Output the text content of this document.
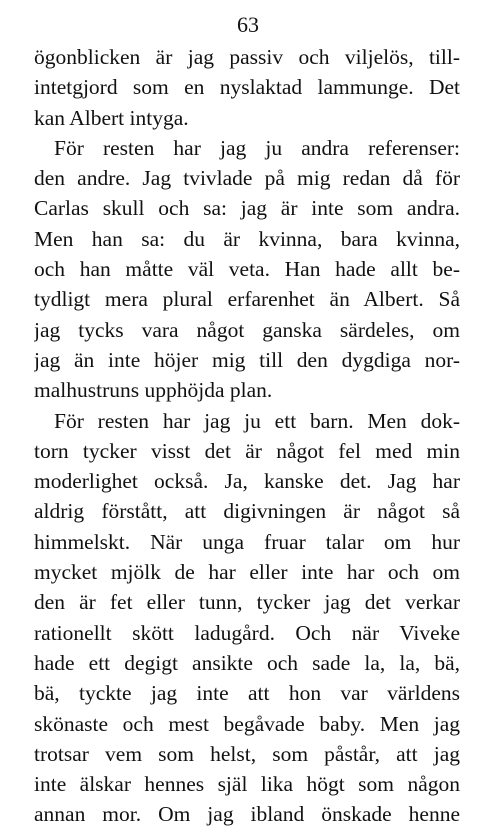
63
ögonblicken är jag passiv och viljelös, till-
intetgjord som en nyslaktad lammunge. Det
kan Albert intyga.
För resten har jag ju andra referenser:
den andre. Jag tvivlade på mig redan då för
Carlas skull och sa: jag är inte som andra.
Men han sa: du är kvinna, bara kvinna,
och han måtte väl veta. Han hade allt be-
tydligt mera plural erfarenhet än Albert. Så
jag tycks vara något ganska särdeles, om
jag än inte höjer mig till den dygdiga nor-
malhustruns upphöjda plan.
För resten har jag ju ett barn. Men dok-
torn tycker visst det är något fel med min
moderlighet också. Ja, kanske det. Jag har
aldrig förstått, att digivningen är något så
himmelskt. När unga fruar talar om hur
mycket mjölk de har eller inte har och om
den är fet eller tunn, tycker jag det verkar
rationellt skött ladugård. Och när Viveke
hade ett degigt ansikte och sade la, la, bä,
bä, tyckte jag inte att hon var världens
skönaste och mest begåvade baby. Men jag
trotsar vem som helst, som påstår, att jag
inte älskar hennes själ lika högt som någon
annan mor. Om jag ibland önskade henne
